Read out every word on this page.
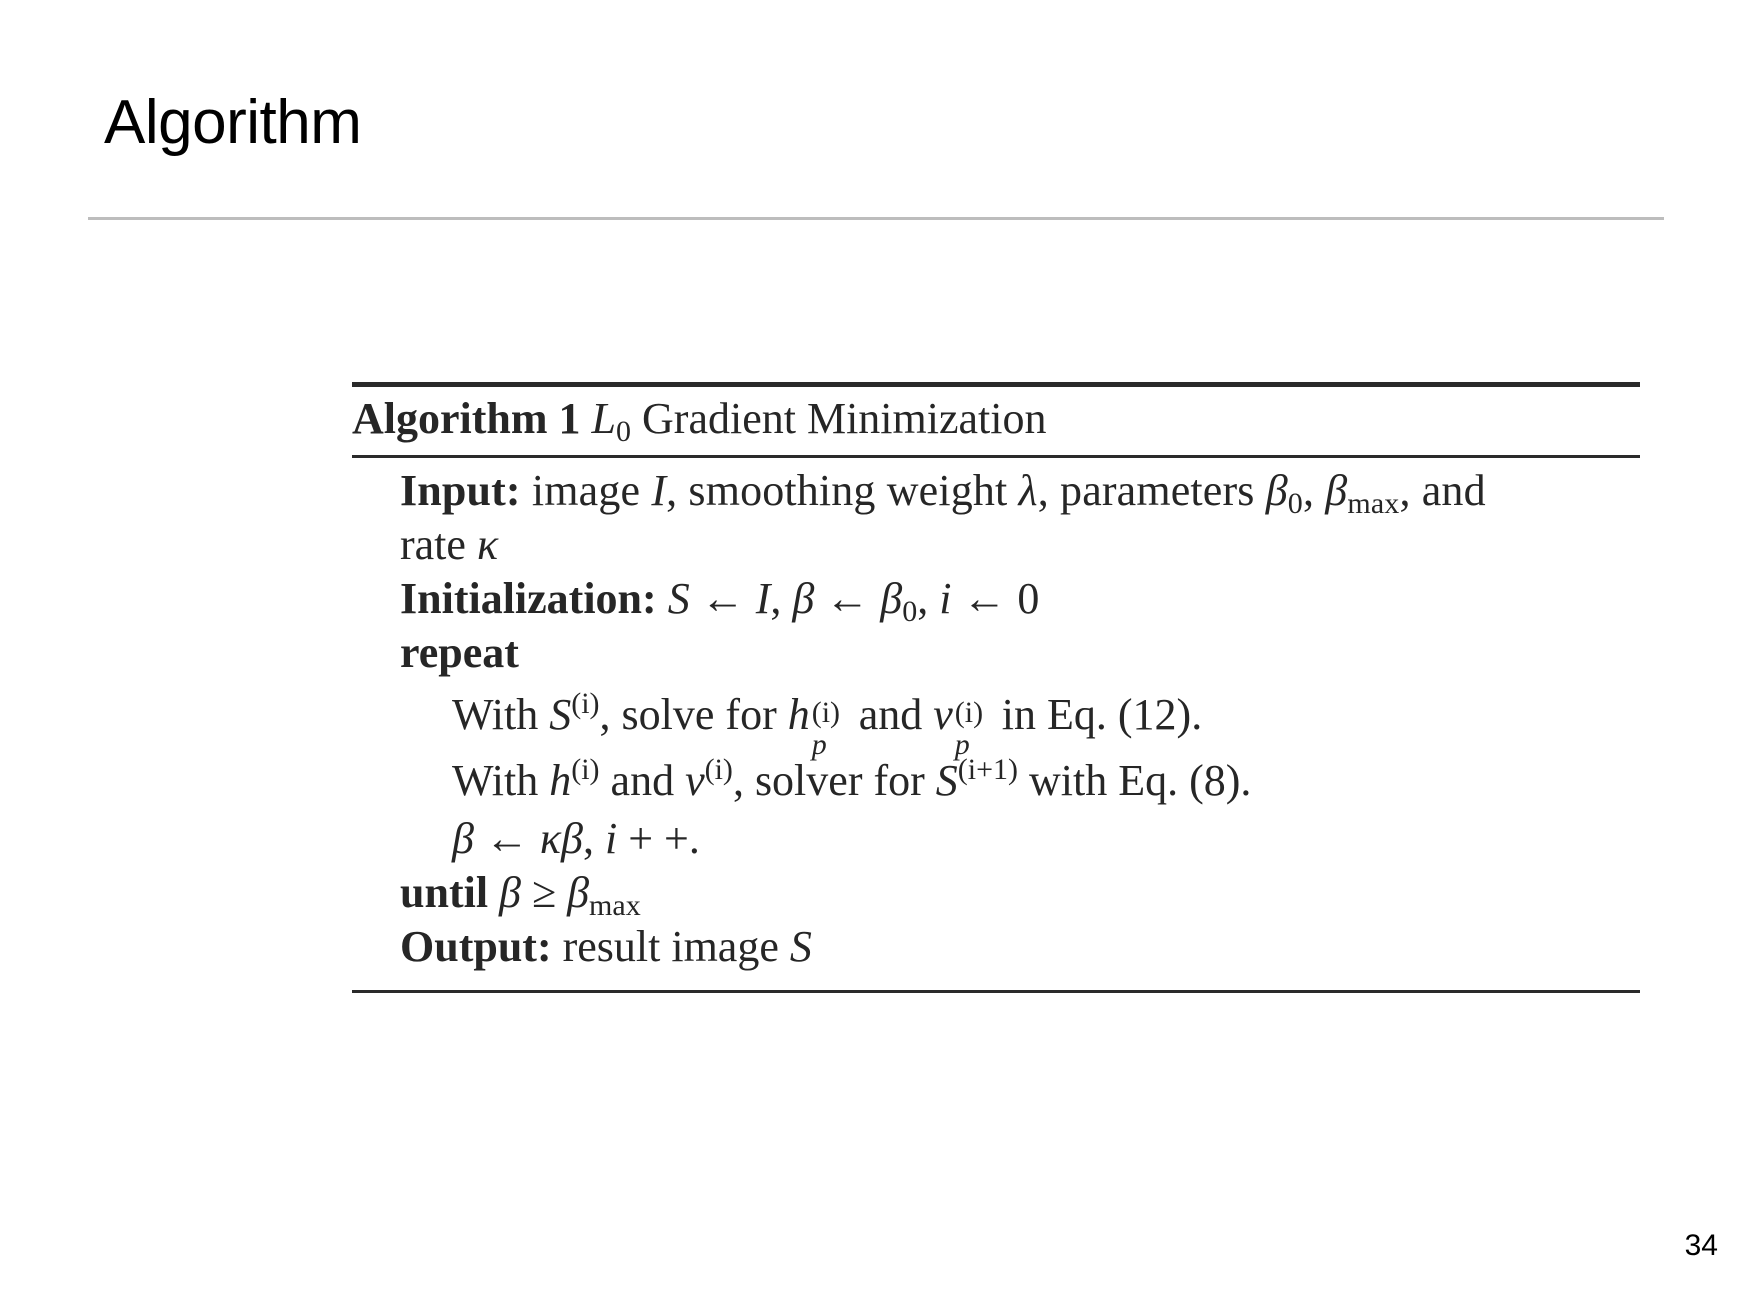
Algorithm
Algorithm 1 $L_0$ Gradient Minimization
Input: image I, smoothing weight λ, parameters $\beta_0$, $\beta_{max}$, and
rate κ
Initialization: S ← I, β ← $\beta_0$, i ← 0
repeat
With $S^{(i)}$, solve for h (i)
p
and v (i)
p
in Eq. (12).
With $h^{(i)}$ and $v^{(i)}$, solver for $S^{(i+1)}$ with Eq. (8).
β ← κβ, i + +.
until $\beta \ge \beta_{max}$
Output: result image S
34
